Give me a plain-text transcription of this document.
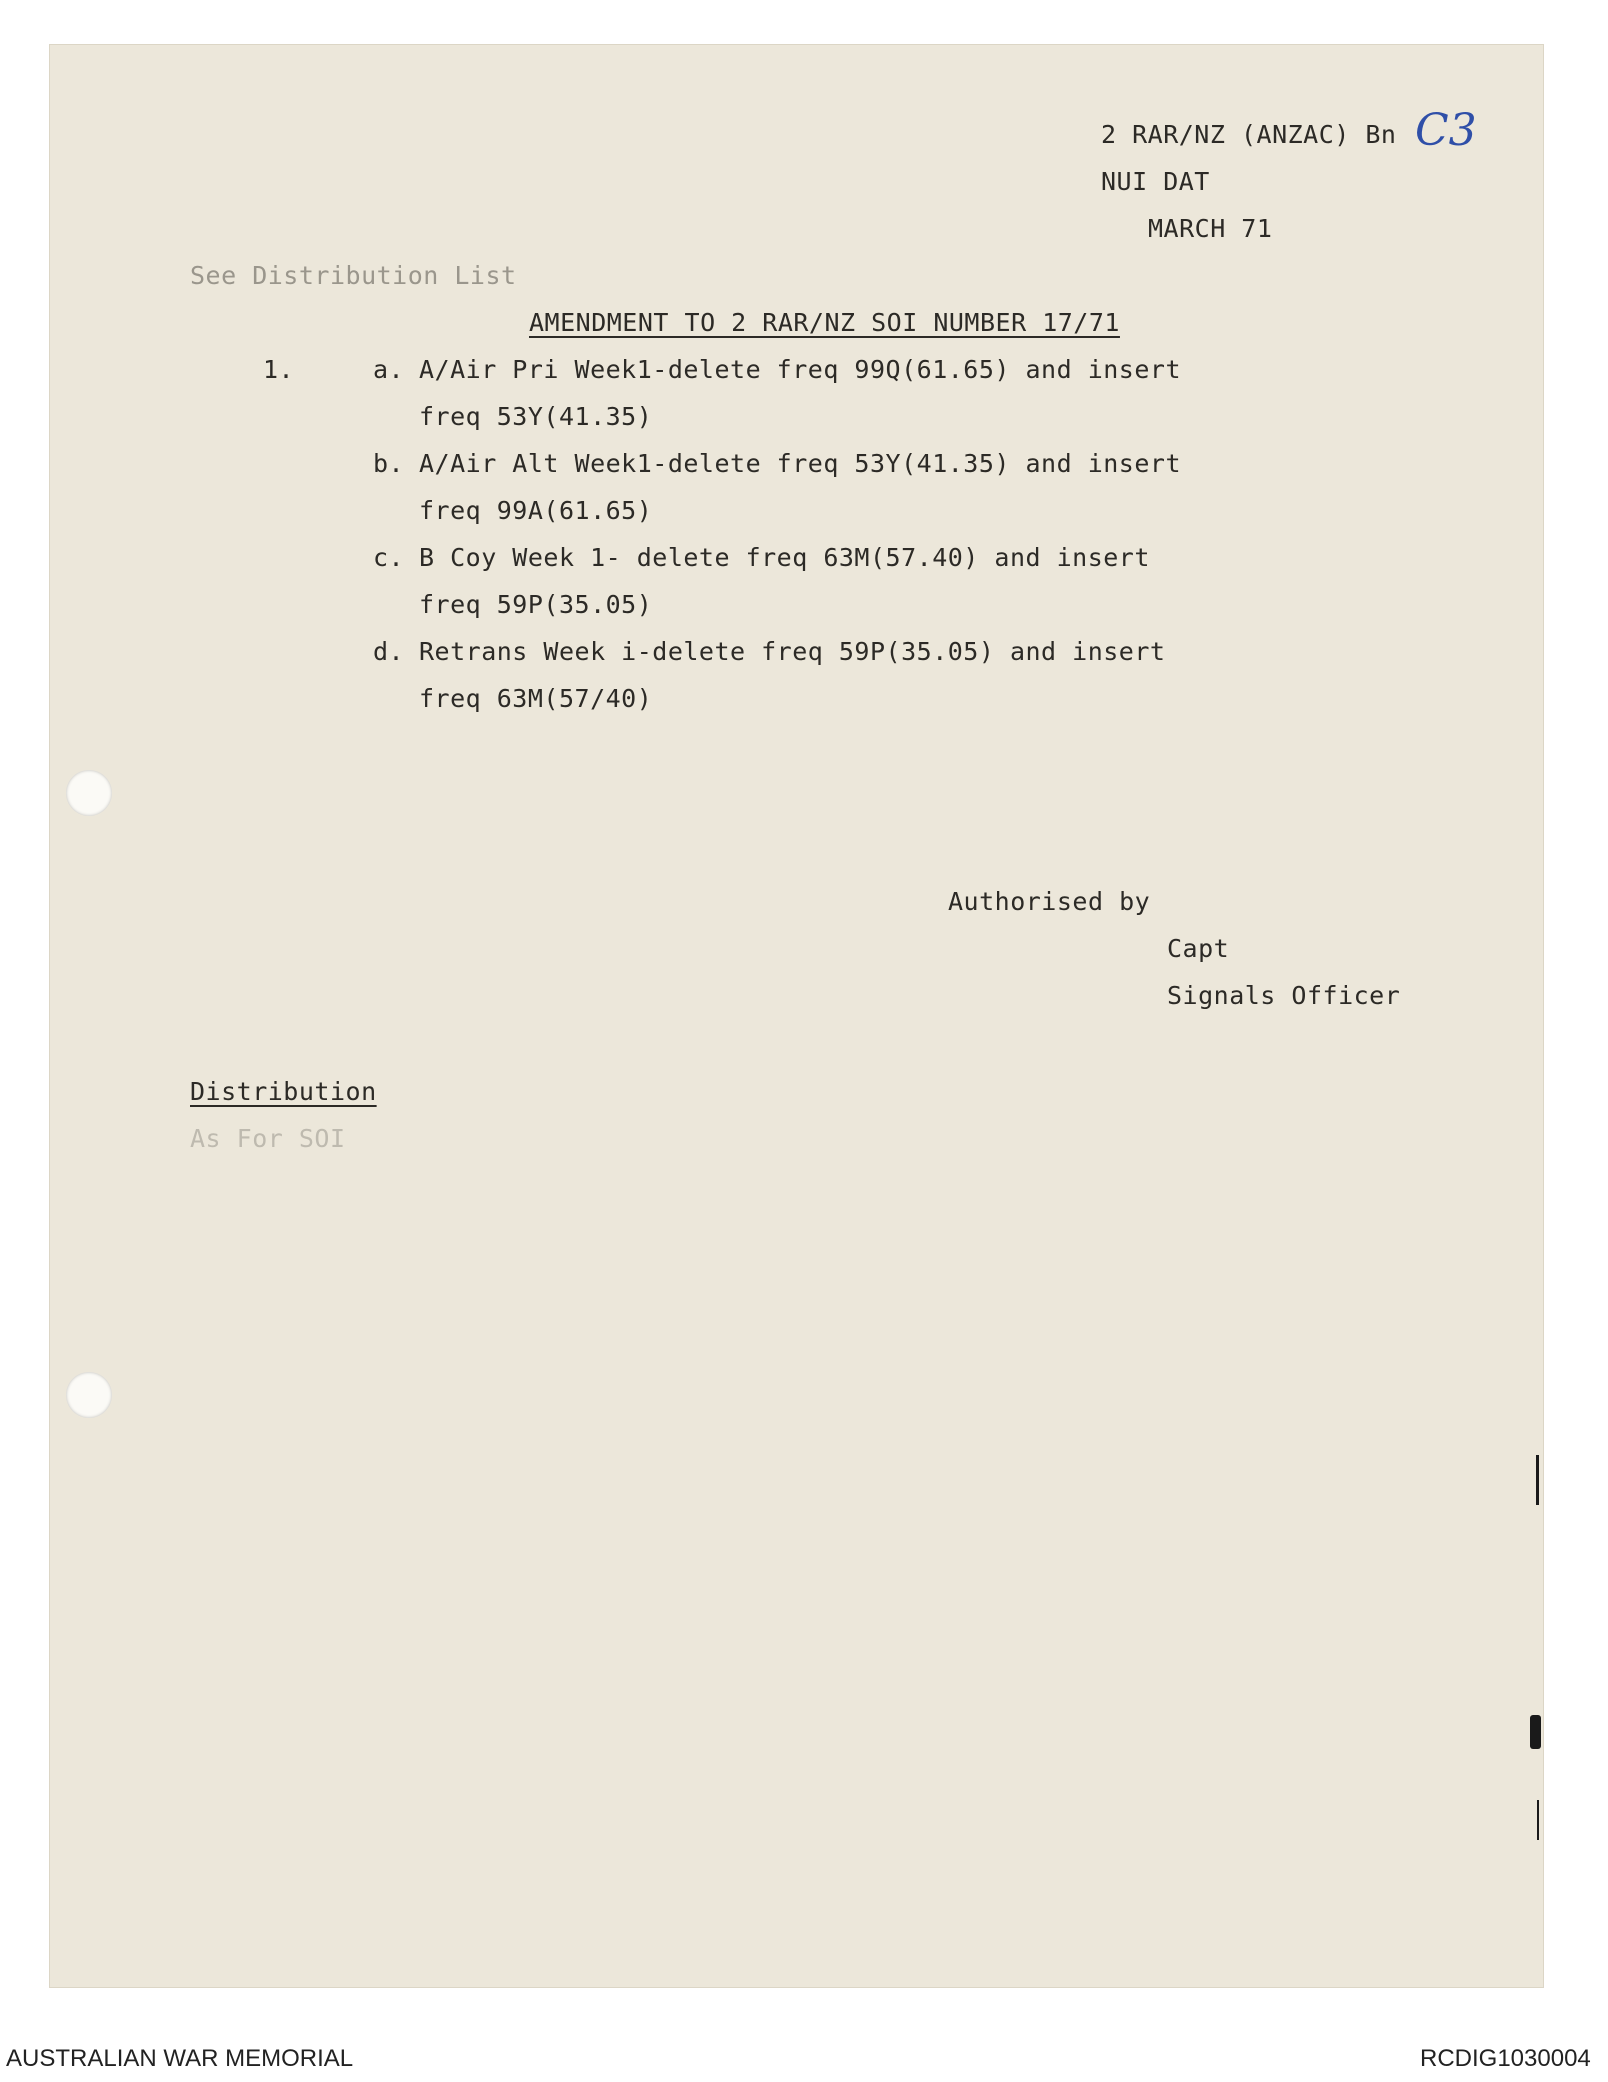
2 RAR/NZ (ANZAC) Bn C3
NUI DAT
MARCH 71
See Distribution List
AMENDMENT TO 2 RAR/NZ SOI NUMBER 17/71
1.	a. A/Air Pri Week1-delete freq 99Q(61.65) and insert
freq 53Y(41.35)
b. A/Air Alt Week1-delete freq 53Y(41.35) and insert
freq 99A(61.65)
c. B Coy Week 1- delete freq 63M(57.40) and insert
freq 59P(35.05)
d. Retrans Week i-delete freq 59P(35.05) and insert
freq 63M(57/40)
Authorised by
Capt
Signals Officer
Distribution
As For SOI
AUSTRALIAN WAR MEMORIAL	RCDIG1030004
